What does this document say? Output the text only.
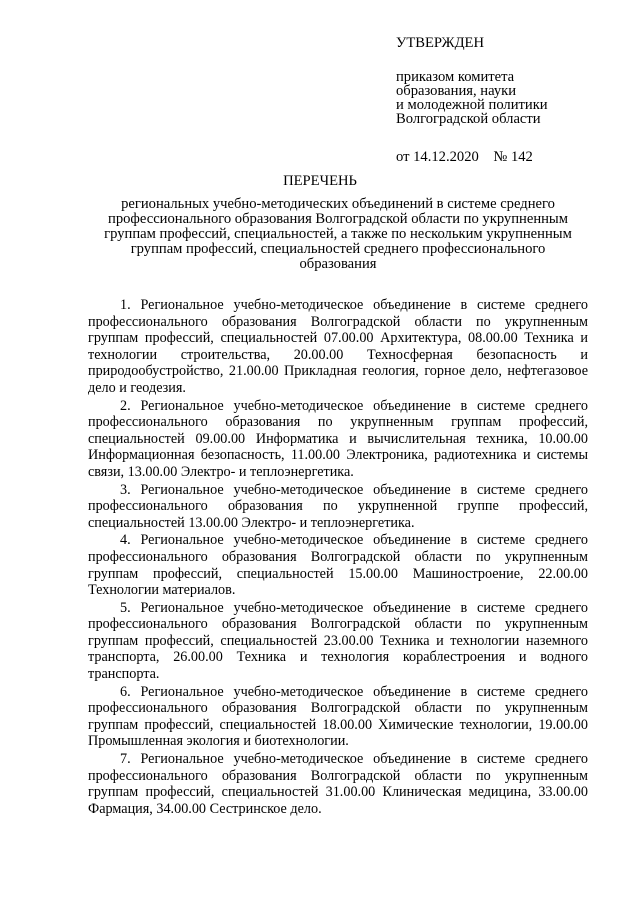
УТВЕРЖДЕН
приказом комитета
образования, науки
и молодежной политики
Волгоградской области
от 14.12.2020    № 142
ПЕРЕЧЕНЬ
региональных учебно-методических объединений в системе среднего
профессионального образования Волгоградской области по укрупненным
группам профессий, специальностей, а также по нескольким укрупненным
группам профессий, специальностей среднего профессионального
образования

1. Региональное учебно-методическое объединение в системе среднего профессионального образования Волгоградской области по укрупненным группам профессий, специальностей 07.00.00 Архитектура, 08.00.00 Техника и технологии строительства, 20.00.00 Техносферная безопасность и природообустройство, 21.00.00 Прикладная геология, горное дело, нефтегазовое дело и геодезия.

2. Региональное учебно-методическое объединение в системе среднего профессионального образования по укрупненным группам профессий, специальностей 09.00.00 Информатика и вычислительная техника, 10.00.00 Информационная безопасность, 11.00.00 Электроника, радиотехника и системы связи, 13.00.00 Электро- и теплоэнергетика.

3. Региональное учебно-методическое объединение в системе среднего профессионального образования по укрупненной группе профессий, специальностей 13.00.00 Электро- и теплоэнергетика.

4. Региональное учебно-методическое объединение в системе среднего профессионального образования Волгоградской области по укрупненным группам профессий, специальностей 15.00.00 Машиностроение, 22.00.00 Технологии материалов.

5. Региональное учебно-методическое объединение в системе среднего профессионального образования Волгоградской области по укрупненным группам профессий, специальностей 23.00.00 Техника и технологии наземного транспорта, 26.00.00 Техника и технология кораблестроения и водного транспорта.

6. Региональное учебно-методическое объединение в системе среднего профессионального образования Волгоградской области по укрупненным группам профессий, специальностей 18.00.00 Химические технологии, 19.00.00 Промышленная экология и биотехнологии.

7. Региональное учебно-методическое объединение в системе среднего профессионального образования Волгоградской области по укрупненным группам профессий, специальностей 31.00.00 Клиническая медицина, 33.00.00 Фармация, 34.00.00 Сестринское дело.
